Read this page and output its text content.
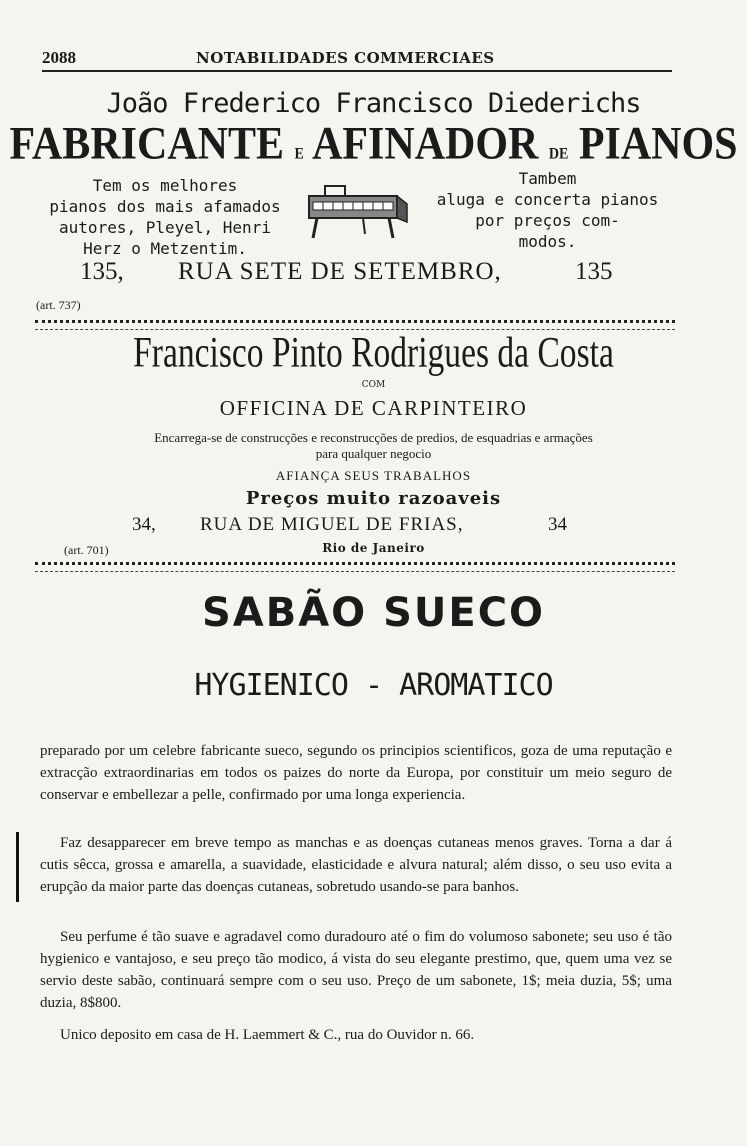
2088	NOTABILIDADES COMMERCIAES
João Frederico Francisco Diederichs
FABRICANTE E AFINADOR DE PIANOS
Tem os melhores
pianos dos mais afamados
autores, Pleyel, Henri
Herz o Metzentim.
Tambem
aluga e concerta pianos
por preços com-
modos.
135, RUA SETE DE SETEMBRO,	135
(art. 737)
Francisco Pinto Rodrigues da Costa
COM
OFFICINA DE CARPINTEIRO
Encarrega-se de construcções e reconstrucções de predios, de esquadrias e armações
para qualquer negocio
AFIANÇA SEUS TRABALHOS
Preços muito razoaveis
34, RUA DE MIGUEL DE FRIAS,	34
(art. 701)	Rio de Janeiro
SABÃO SUECO
HYGIENICO - AROMATICO
preparado por um celebre fabricante sueco, segundo os principios scientificos, goza de uma reputação e extracção extraordinarias em todos os paizes do norte da Europa, por constituir um meio seguro de conservar e embellezar a pelle, confirmado por uma longa experiencia.
Faz desapparecer em breve tempo as manchas e as doenças cutaneas menos graves. Torna a dar á cutis sêcca, grossa e amarella, a suavidade, elasticidade e alvura natural; além disso, o seu uso evita a erupção da maior parte das doenças cutaneas, sobretudo usando-se para banhos.
Seu perfume é tão suave e agradavel como duradouro até o fim do volumoso sabonete; seu uso é tão hygienico e vantajoso, e seu preço tão modico, á vista do seu elegante prestimo, que, quem uma vez se servio deste sabão, continuará sempre com o seu uso. Preço de um sabonete, 1$; meia duzia, 5$; uma duzia, 8$800.
Unico deposito em casa de H. Laemmert & C., rua do Ouvidor n. 66.
